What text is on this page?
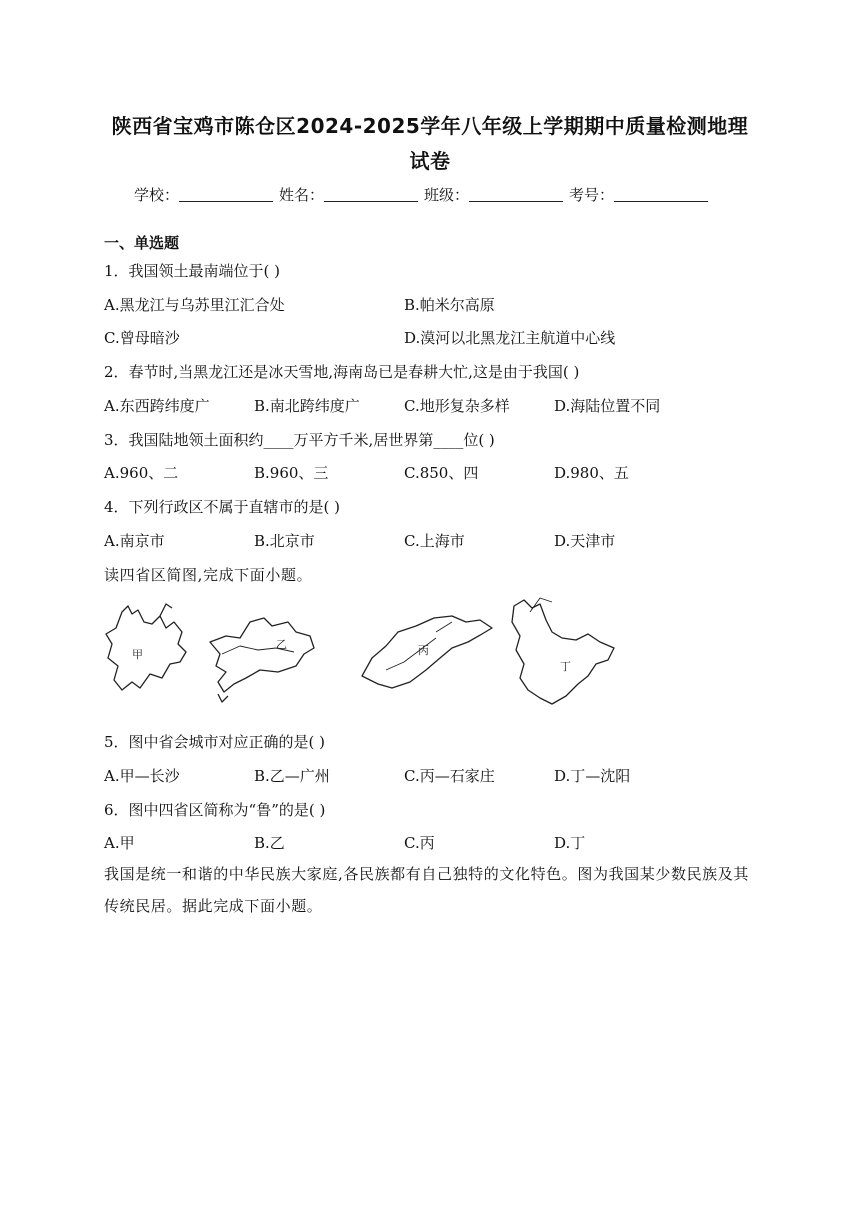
陕西省宝鸡市陈仓区2024-2025学年八年级上学期期中质量检测地理
试卷
学校：	姓名：	班级：	考号：
一、单选题
1．我国领土最南端位于( )
A.黑龙江与乌苏里江汇合处	B.帕米尔高原
C.曾母暗沙	D.漠河以北黑龙江主航道中心线
2．春节时,当黑龙江还是冰天雪地,海南岛已是春耕大忙,这是由于我国( )
A.东西跨纬度广	B.南北跨纬度广	C.地形复杂多样	D.海陆位置不同
3．我国陆地领土面积约____万平方千米,居世界第____位( )
A.960、二	B.960、三	C.850、四	D.980、五
4．下列行政区不属于直辖市的是( )
A.南京市	B.北京市	C.上海市	D.天津市
读四省区简图,完成下面小题。
甲
乙	丙
丁
5．图中省会城市对应正确的是( )
A.甲—长沙	B.乙—广州	C.丙—石家庄	D.丁—沈阳
6．图中四省区简称为“鲁”的是( )
A.甲	B.乙	C.丙	D.丁
我国是统一和谐的中华民族大家庭,各民族都有自己独特的文化特色。图为我国某少数民族及其传统民居。据此完成下面小题。
